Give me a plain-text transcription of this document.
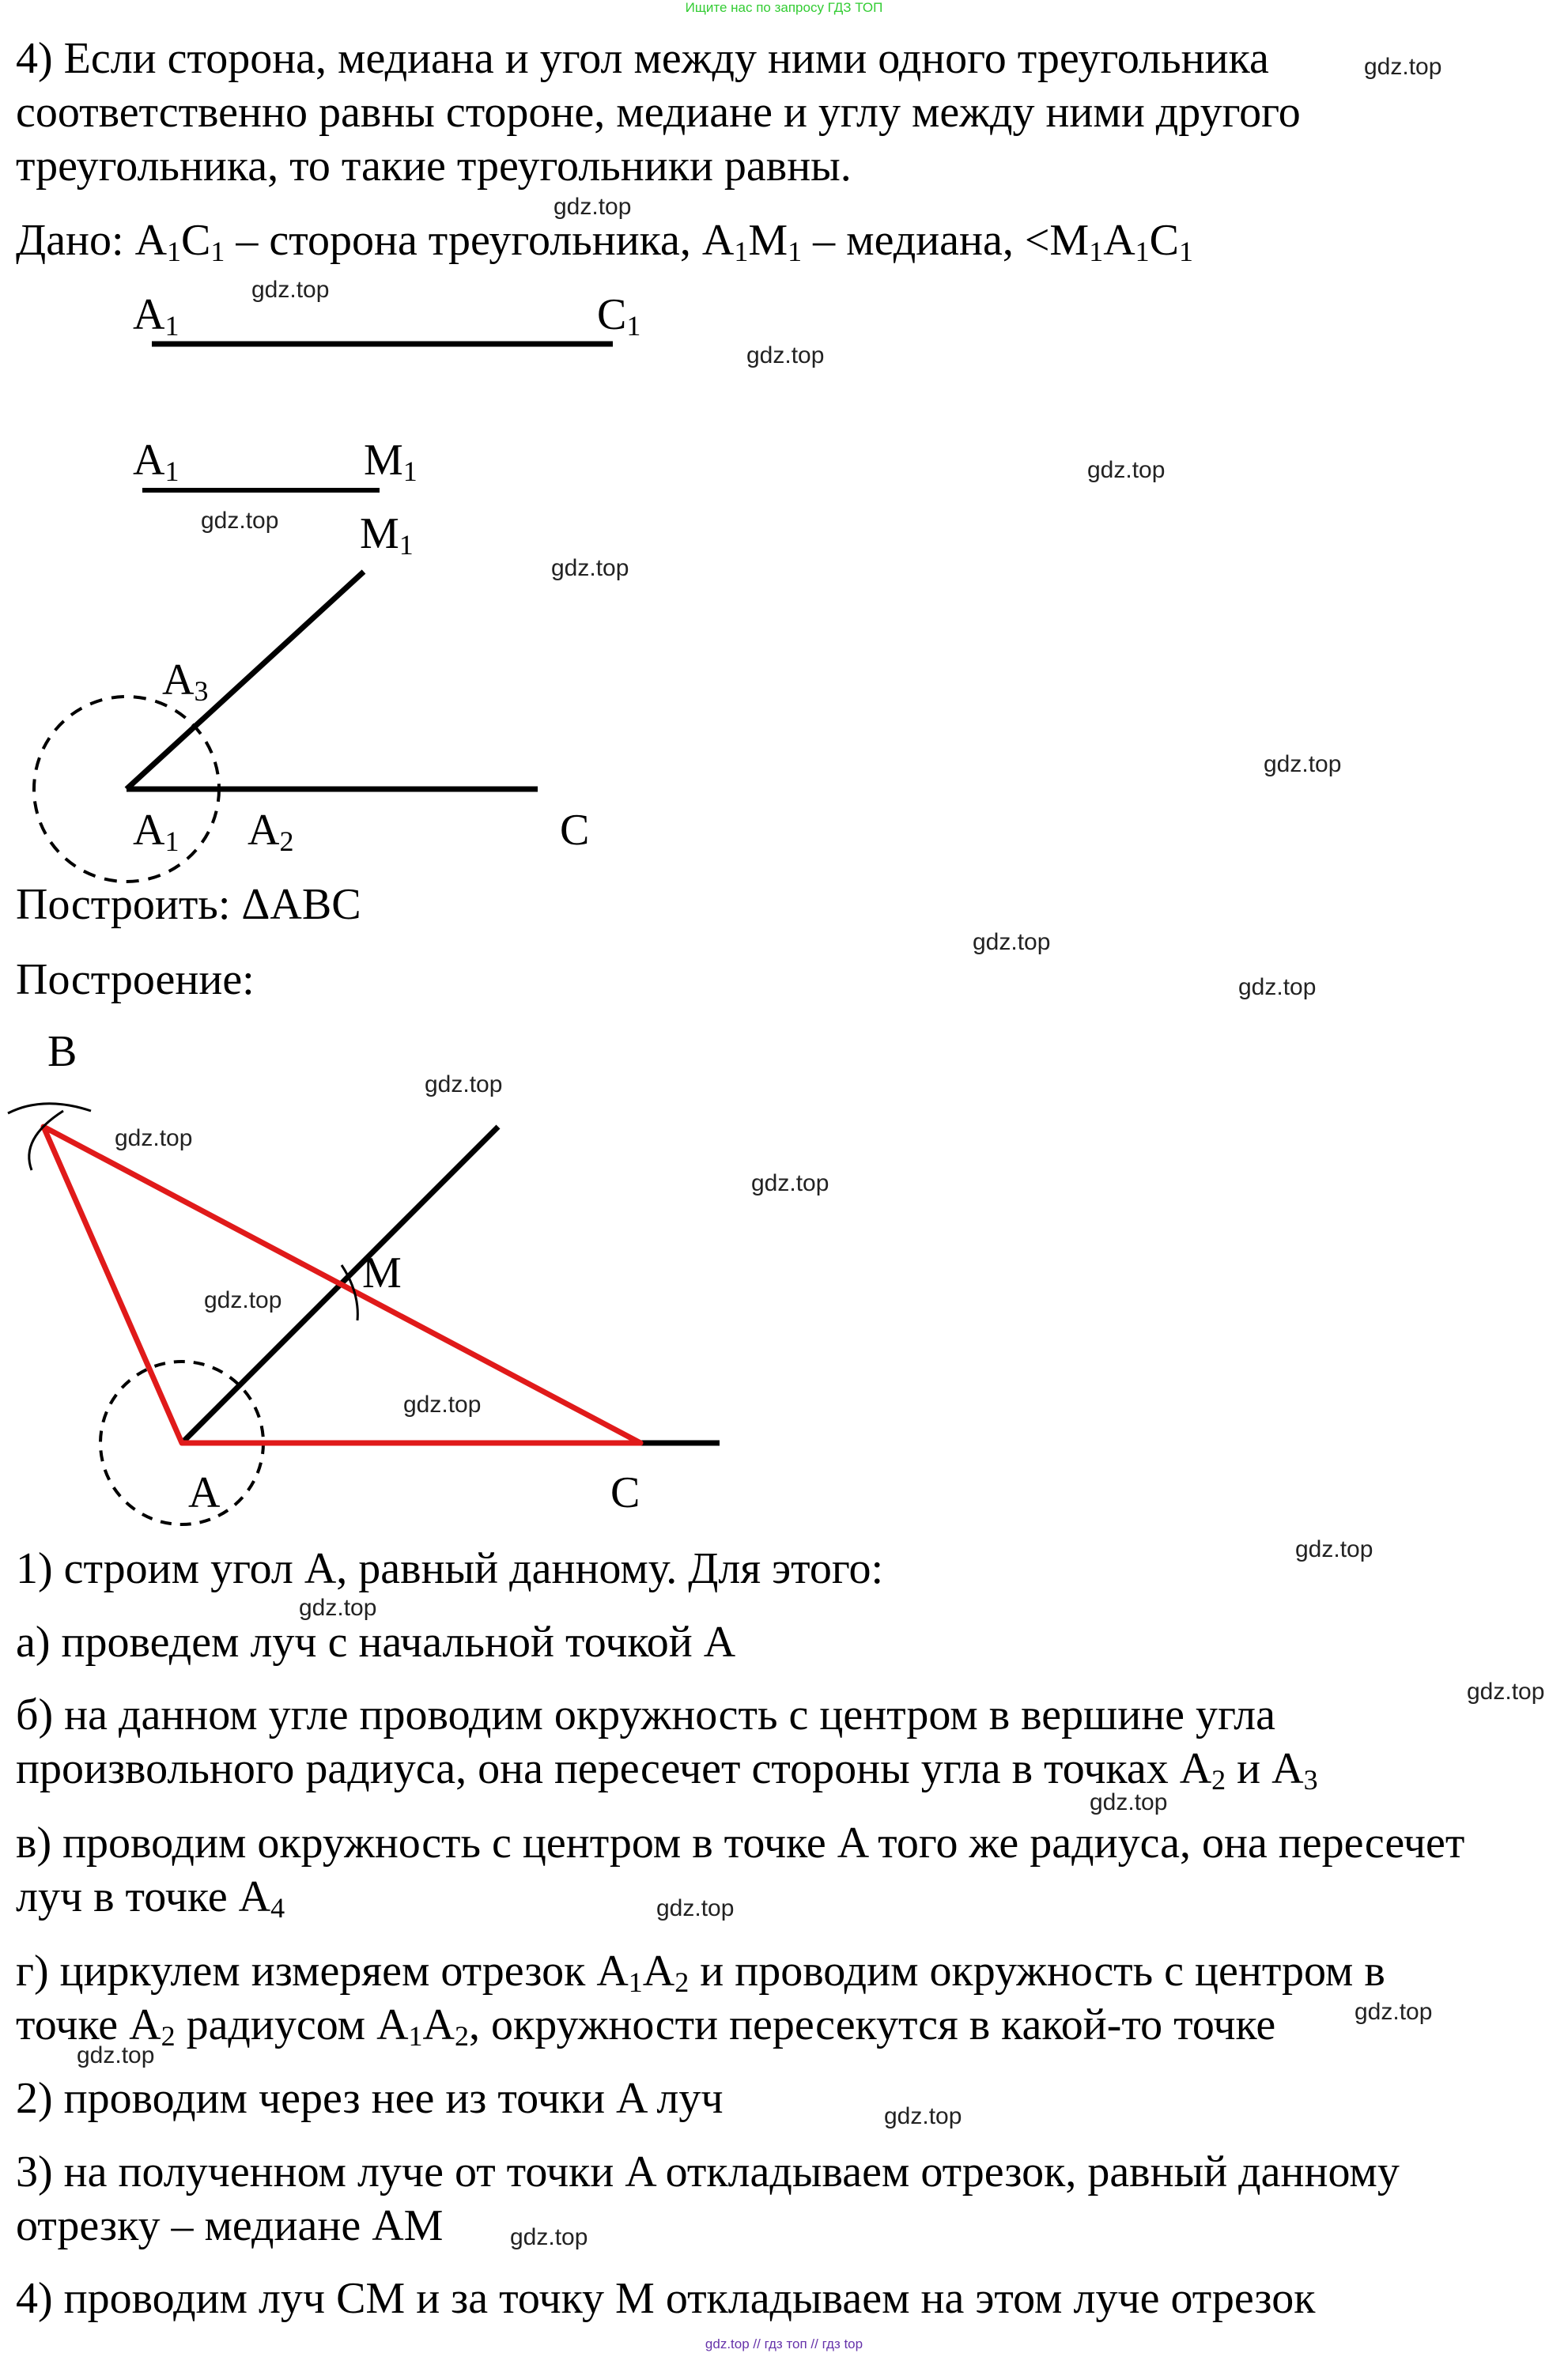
Ищите нас по запросу ГДЗ ТОП
4) Если сторона, медиана и угол между ними одного треугольника
соответственно равны стороне, медиане и углу между ними другого
треугольника, то такие треугольники равны.
Дано: $A_1C_1$ – сторона треугольника, $A_1M_1$ – медиана, $<M_1A_1C_1$
$A_1$	$C_1$
$A_1$	$M_1$
$M_1$
$A_3$
$A_1$ $A_2$	C
Построить: ΔABC
Построение:
B
M
A	C
1) строим угол A, равный данному. Для этого:
а) проведем луч с начальной точкой A
б) на данном угле проводим окружность с центром в вершине угла
произвольного радиуса, она пересечет стороны угла в точках $A_2$ и $A_3$
в) проводим окружность с центром в точке A того же радиуса, она пересечет
луч в точке $A_4$
г) циркулем измеряем отрезок $A_1A_2$ и проводим окружность с центром в
точке $A_2$ радиусом $A_1A_2$, окружности пересекутся в какой-то точке
2) проводим через нее из точки A луч
3) на полученном луче от точки A откладываем отрезок, равный данному
отрезку – медиане AM
4) проводим луч CM и за точку M откладываем на этом луче отрезок
gdz.top
gdz.top
gdz.top
gdz.top
gdz.top
gdz.top
gdz.top
gdz.top
gdz.top
gdz.top
gdz.top
gdz.top
gdz.top
gdz.top
gdz.top
gdz.top
gdz.top
gdz.top
gdz.top
gdz.top
gdz.top
gdz.top
gdz.top
gdz.top
gdz.top // гдз топ // гдз top
